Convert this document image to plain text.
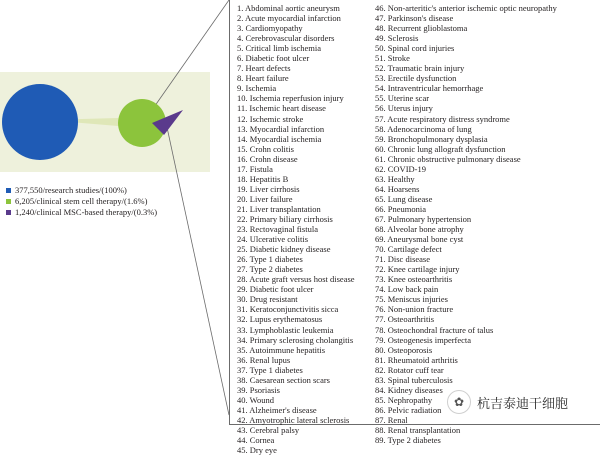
377,550/research studies/(100%)
6,205/clinical stem cell therapy/(1.6%)
1,240/clinical MSC-based therapy/(0.3%)
1. Abdominal aortic aneurysm
2. Acute myocardial infarction
3. Cardiomyopathy
4. Cerebrovascular disorders
5. Critical limb ischemia
6. Diabetic foot ulcer
7. Heart defects
8. Heart failure
9. Ischemia
10. Ischemia reperfusion injury
11. Ischemic heart disease
12. Ischemic stroke
13. Myocardial infarction
14. Myocardial ischemia
15. Crohn colitis
16. Crohn disease
17. Fistula
18. Hepatitis B
19. Liver cirrhosis
20. Liver failure
21. Liver transplantation
22. Primary biliary cirrhosis
23. Rectovaginal fistula
24. Ulcerative colitis
25. Diabetic kidney disease
26. Type 1 diabetes
27. Type 2 diabetes
28. Acute graft versus host disease
29. Diabetic foot ulcer
30. Drug resistant
31. Keratoconjunctivitis sicca
32. Lupus erythematosus
33. Lymphoblastic leukemia
34. Primary sclerosing cholangitis
35. Autoimmune hepatitis
36. Renal lupus
37. Type 1 diabetes
38. Caesarean section scars
39. Psoriasis
40. Wound
41. Alzheimer's disease
42. Amyotrophic lateral sclerosis
43. Cerebral palsy
44. Cornea
45. Dry eye
46. Non-arteritic's anterior ischemic optic neuropathy
47. Parkinson's disease
48. Recurrent glioblastoma
49. Sclerosis
50. Spinal cord injuries
51. Stroke
52. Traumatic brain injury
53. Erectile dysfunction
54. Intraventricular hemorrhage
55. Uterine scar
56. Uterus injury
57. Acute respiratory distress syndrome
58. Adenocarcinoma of lung
59. Bronchopulmonary dysplasia
60. Chronic lung allograft dysfunction
61. Chronic obstructive pulmonary disease
62. COVID-19
63. Healthy
64. Hoarsens
65. Lung disease
66. Pneumonia
67. Pulmonary hypertension
68. Alveolar bone atrophy
69. Aneurysmal bone cyst
70. Cartilage defect
71. Disc disease
72. Knee cartilage injury
73. Knee osteoarthritis
74. Low back pain
75. Meniscus injuries
76. Non-union fracture
77. Osteoarthritis
78. Osteochondral fracture of talus
79. Osteogenesis imperfecta
80. Osteoporosis
81. Rheumatoid arthritis
82. Rotator cuff tear
83. Spinal tuberculosis
84. Kidney diseases
85. Nephropathy
86. Pelvic radiation
87. Renal
88. Renal transplantation
89. Type 2 diabetes
✿ 杭吉泰迪干细胞
